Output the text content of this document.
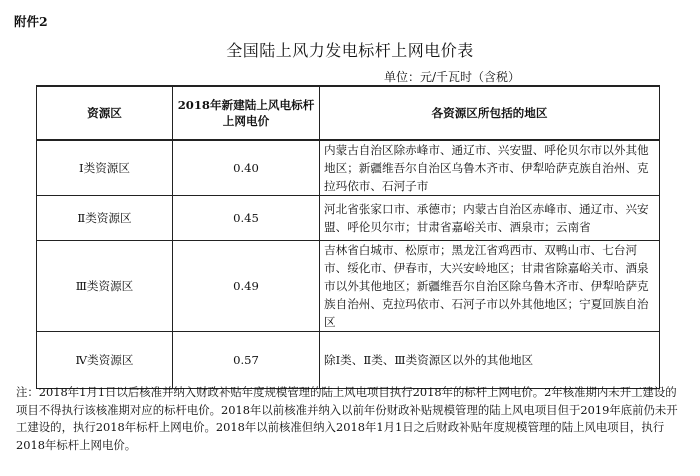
附件2
全国陆上风力发电标杆上网电价表
单位：元/千瓦时（含税）
资源区	2018年新建陆上风电标杆上网电价	各资源区所包括的地区
Ⅰ类资源区	0.40	内蒙古自治区除赤峰市、通辽市、兴安盟、呼伦贝尔市以外其他地区；新疆维吾尔自治区乌鲁木齐市、伊犁哈萨克族自治州、克拉玛依市、石河子市
Ⅱ类资源区	0.45	河北省张家口市、承德市；内蒙古自治区赤峰市、通辽市、兴安盟、呼伦贝尔市；甘肃省嘉峪关市、酒泉市；云南省
Ⅲ类资源区	0.49	吉林省白城市、松原市；黑龙江省鸡西市、双鸭山市、七台河市、绥化市、伊春市，大兴安岭地区；甘肃省除嘉峪关市、酒泉市以外其他地区；新疆维吾尔自治区除乌鲁木齐市、伊犁哈萨克族自治州、克拉玛依市、石河子市以外其他地区；宁夏回族自治区
Ⅳ类资源区	0.57	除Ⅰ类、Ⅱ类、Ⅲ类资源区以外的其他地区
注：2018年1月1日以后核准并纳入财政补贴年度规模管理的陆上风电项目执行2018年的标杆上网电价。2年核准期内未开工建设的项目不得执行该核准期对应的标杆电价。2018年以前核准并纳入以前年份财政补贴规模管理的陆上风电项目但于2019年底前仍未开工建设的，执行2018年标杆上网电价。2018年以前核准但纳入2018年1月1日之后财政补贴年度规模管理的陆上风电项目，执行2018年标杆上网电价。
